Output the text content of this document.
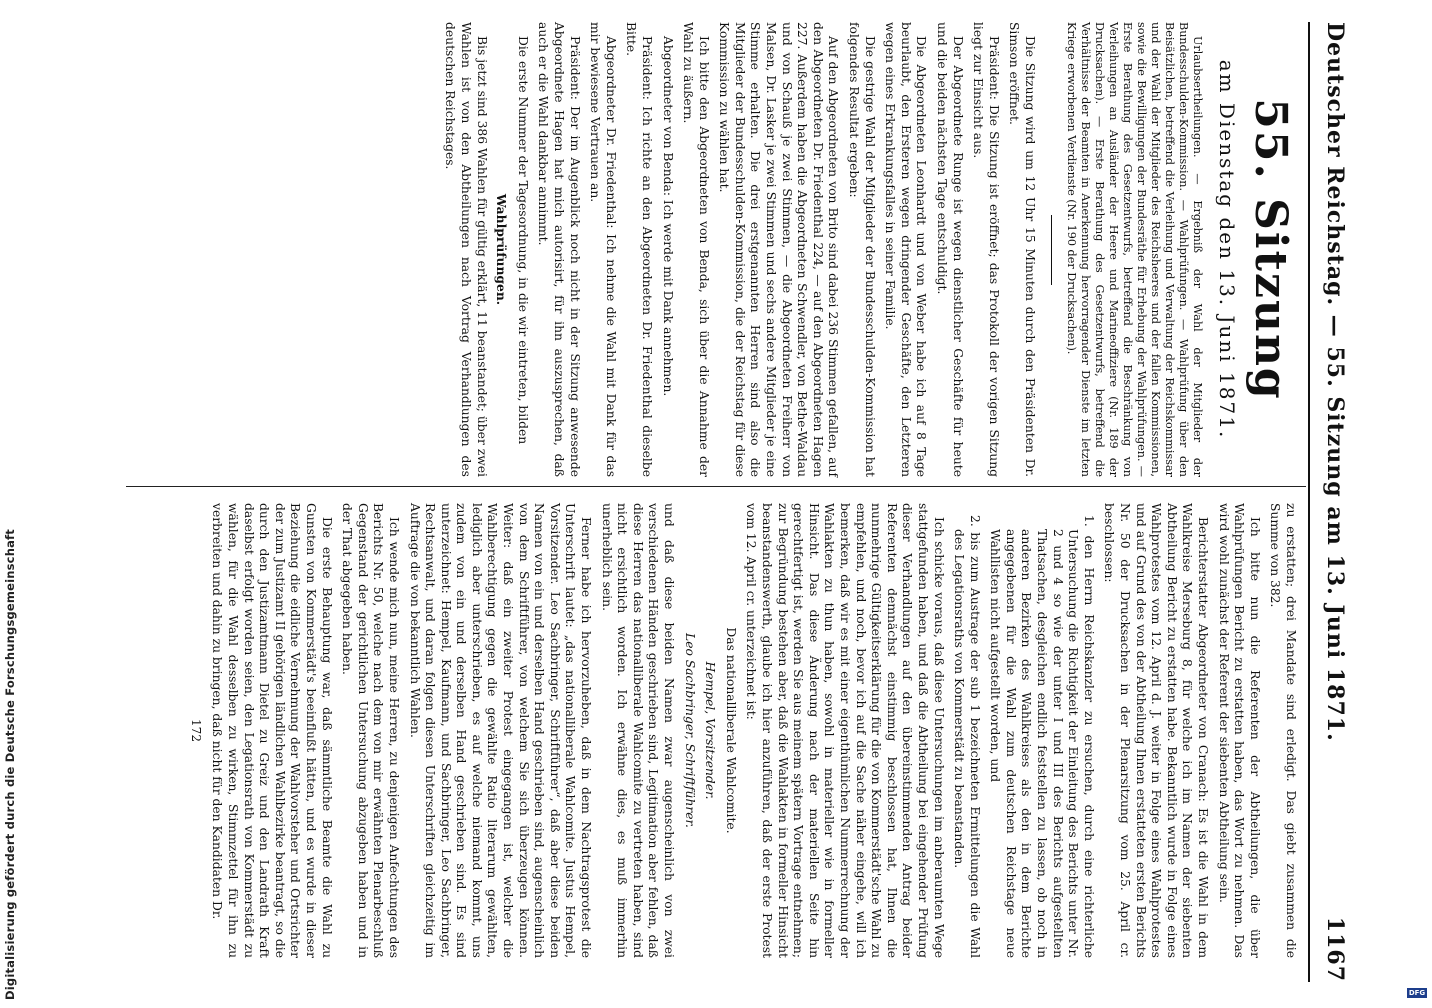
Deutscher Reichstag. — 55. Sitzung am 13. Juni 1871.
1167
55. Sitzung
am Dienstag den 13. Juni 1871.

Urlaubsertheilungen. — Ergebniß der Wahl der Mitglieder der Bundesschulden-Kommission. — Wahlprüfungen. — Wahlprüfung über den Beisätzlichen, betreffend die Verleihung und Verwaltung der Reichskommissar und der Wahl der Mitglieder des Reichsheeres und der fallen Kommissionen, sowie die Bewilligungen der Bundesräthe für Erhebung der Wahlprüfungen. — Erste Berathung des Gesetzentwurfs, betreffend die Beschränkung von Verleihungen an Ausländer der Heere und Marineoffiziere (Nr. 189 der Drucksachen). — Erste Berathung des Gesetzentwurfs, betreffend die Verhältnisse der Beamten in Anerkennung hervorragender Dienste im letzten Kriege erworbenen Verdienste (Nr. 190 der Drucksachen).

Die Sitzung wird um 12 Uhr 15 Minuten durch den Präsidenten Dr. Simson eröffnet.

Präsident: Die Sitzung ist eröffnet; das Protokoll der vorigen Sitzung liegt zur Einsicht aus.

Der Abgeordnete Runge ist wegen dienstlicher Geschäfte für heute und die beiden nächsten Tage entschuldigt.

Die Abgeordneten Leonhardt und von Weber habe ich auf 8 Tage beurlaubt, den Ersteren wegen dringender Geschäfte, den Letzteren wegen eines Erkrankungsfalles in seiner Familie.

Die gestrige Wahl der Mitglieder der Bundesschulden-Kommission hat folgendes Resultat ergeben:

Auf den Abgeordneten von Brito sind dabei 236 Stimmen gefallen, auf den Abgeordneten Dr. Friedenthal 224, — auf den Abgeordneten Hagen 227. Außerdem haben die Abgeordneten Schwendler, von Bethe-Waldau und von Schauß je zwei Stimmen, — die Abgeordneten Freiherr von Malsen, Dr. Lasker je zwei Stimmen und sechs andere Mitglieder je eine Stimme erhalten. Die drei erstgenannten Herren sind also die Mitglieder der Bundesschulden-Kommission, die der Reichstag für diese Kommission zu wählen hat.

Ich bitte den Abgeordneten von Benda, sich über die Annahme der Wahl zu äußern.

Abgeordneter von Benda: Ich werde mit Dank annehmen.

Präsident: Ich richte an den Abgeordneten Dr. Friedenthal dieselbe Bitte.

Abgeordneter Dr. Friedenthal: Ich nehme die Wahl mit Dank für das mir bewiesene Vertrauen an.

Präsident: Der im Augenblick noch nicht in der Sitzung anwesende Abgeordnete Hagen hat mich autorisirt, für ihn auszusprechen, daß auch er die Wahl dankbar annimmt.

Die erste Nummer der Tagesordnung, in die wir eintreten, bilden

Wahlprüfungen.

Bis jetzt sind 386 Wahlen für gültig erklärt, 11 beanstandet; über zwei Wahlen ist von den Abtheilungen nach Vortrag Verhandlungen des deutschen Reichstages.

zu erstatten; drei Mandate sind erledigt. Das giebt zusammen die Summe von 382.

Ich bitte nun die Referenten der Abtheilungen, die über Wahlprüfungen Bericht zu erstatten haben, das Wort zu nehmen. Das wird wohl zunächst der Referent der siebenten Abtheilung sein.

Berichterstatter Abgeordneter von Cranach: Es ist die Wahl in dem Wahlkreise Merseburg 8, für welche ich im Namen der siebenten Abtheilung Bericht zu erstatten habe. Bekanntlich wurde in Folge eines Wahlprotestes vom 12. April d. J. weiter in Folge eines Wahlprotestes und auf Grund des von der Abtheilung Ihnen erstatteten ersten Berichts Nr. 50 der Drucksachen in der Plenarsitzung vom 25. April cr. beschlossen:

1. den Herrn Reichskanzler zu ersuchen, durch eine richterliche Untersuchung die Richtigkeit der Einleitung des Berichts unter Nr. 2 und 4 so wie der unter I und III des Berichts aufgestellten Thatsachen, desgleichen endlich feststellen zu lassen, ob noch in anderen Bezirken des Wahlkreises als den in dem Berichte angegebenen für die Wahl zum deutschen Reichstage neue Wahllisten nicht aufgestellt worden, und

2. bis zum Austrage der sub 1 bezeichneten Ermittelungen die Wahl des Legationsraths von Kommerstädt zu beanstanden.

Ich schicke voraus, daß diese Untersuchungen im anberaumten Wege stattgefunden haben, und daß die Abtheilung bei eingehender Prüfung dieser Verhandlungen auf den übereinstimmenden Antrag beider Referenten demnächst einstimmig beschlossen hat, Ihnen die nunmehrige Gültigkeitserklärung für die von Kommerstädt'sche Wahl zu empfehlen, und noch, bevor ich auf die Sache näher eingehe, will ich bemerken, daß wir es mit einer eigenthümlichen Nummerrechnung der Wahlakten zu thun haben, sowohl in materieller wie in formeller Hinsicht. Das diese Änderung nach der materiellen Seite hin gerechtfertigt ist, werden Sie aus meinem spätern Vortrage entnehmen; zur Begründung bestehen aber, daß die Wahlakten in formeller Hinsicht beanstandenswerth, glaube ich hier anzuführen, daß der erste Protest vom 12. April cr. unterzeichnet ist:

Das nationalliberale Wahlcomite.

Hempel, Vorsitzender.

Leo Sachbringer, Schriftführer.

und daß diese beiden Namen zwar augenscheinlich von zwei verschiedenen Händen geschrieben sind, Legitimation aber fehlen, daß diese Herren das nationalliberale Wahlcomite zu vertreten haben, sind nicht ersichtlich worden. Ich erwähne dies, es muß immerhin unerheblich sein.

Ferner habe ich hervorzuheben, daß in dem Nachtragsprotest die Unterschrift lautet: „das nationalliberale Wahlcomite. Justus Hempel, Vorsitzender. Leo Sachbringer, Schriftführer“, daß aber diese beiden Namen von ein und derselben Hand geschrieben sind, augenscheinlich von dem Schriftführer, von welchem Sie sich überzeugen können. Weiter: daß ein zweiter Protest eingegangen ist, welcher die Wahlberechtigung gegen die gewählte Ratio literarum gewählten, lediglich aber unterschrieben, es auf welche niemand kommt, uns zudem von ein und derselben Hand geschrieben sind. Es sind unterzeichnet: Hempel, Kaufmann, und Sachbringer, Leo Sachbringer, Rechtsanwalt, und daran folgen diesen Unterschriften gleichzeitig im Auftrage die von bekanntlich Wahlen.

Ich wende mich nun, meine Herren, zu denjenigen Anfechtungen des Berichts Nr. 50, welche nach dem von mir erwähnten Plenarbeschluß Gegenstand der gerichtlichen Untersuchung abzugeben haben und in der That abgegeben haben.

Die erste Behauptung war, daß sämmtliche Beamte die Wahl zu Gunsten von Kommerstädt's beeinflußt hätten, und es wurde in dieser Beziehung die eidliche Vernehmung der Wahlvorsteher und Ortsrichter der zum Justizamt II gehörigen ländlichen Wahlbezirke beantragt, so die durch den Justizamtmann Dietel zu Greiz und den Landrath Kraft daselbst erfolgt worden seien, den Legationsrath von Kommerstädt zu wählen, für die Wahl desselben zu wirken, Stimmzettel für ihn zu verbreiten und dahin zu bringen, daß nicht für den Kandidaten Dr.

172
Digitalisierung gefördert durch die Deutsche Forschungsgemeinschaft	DFG
